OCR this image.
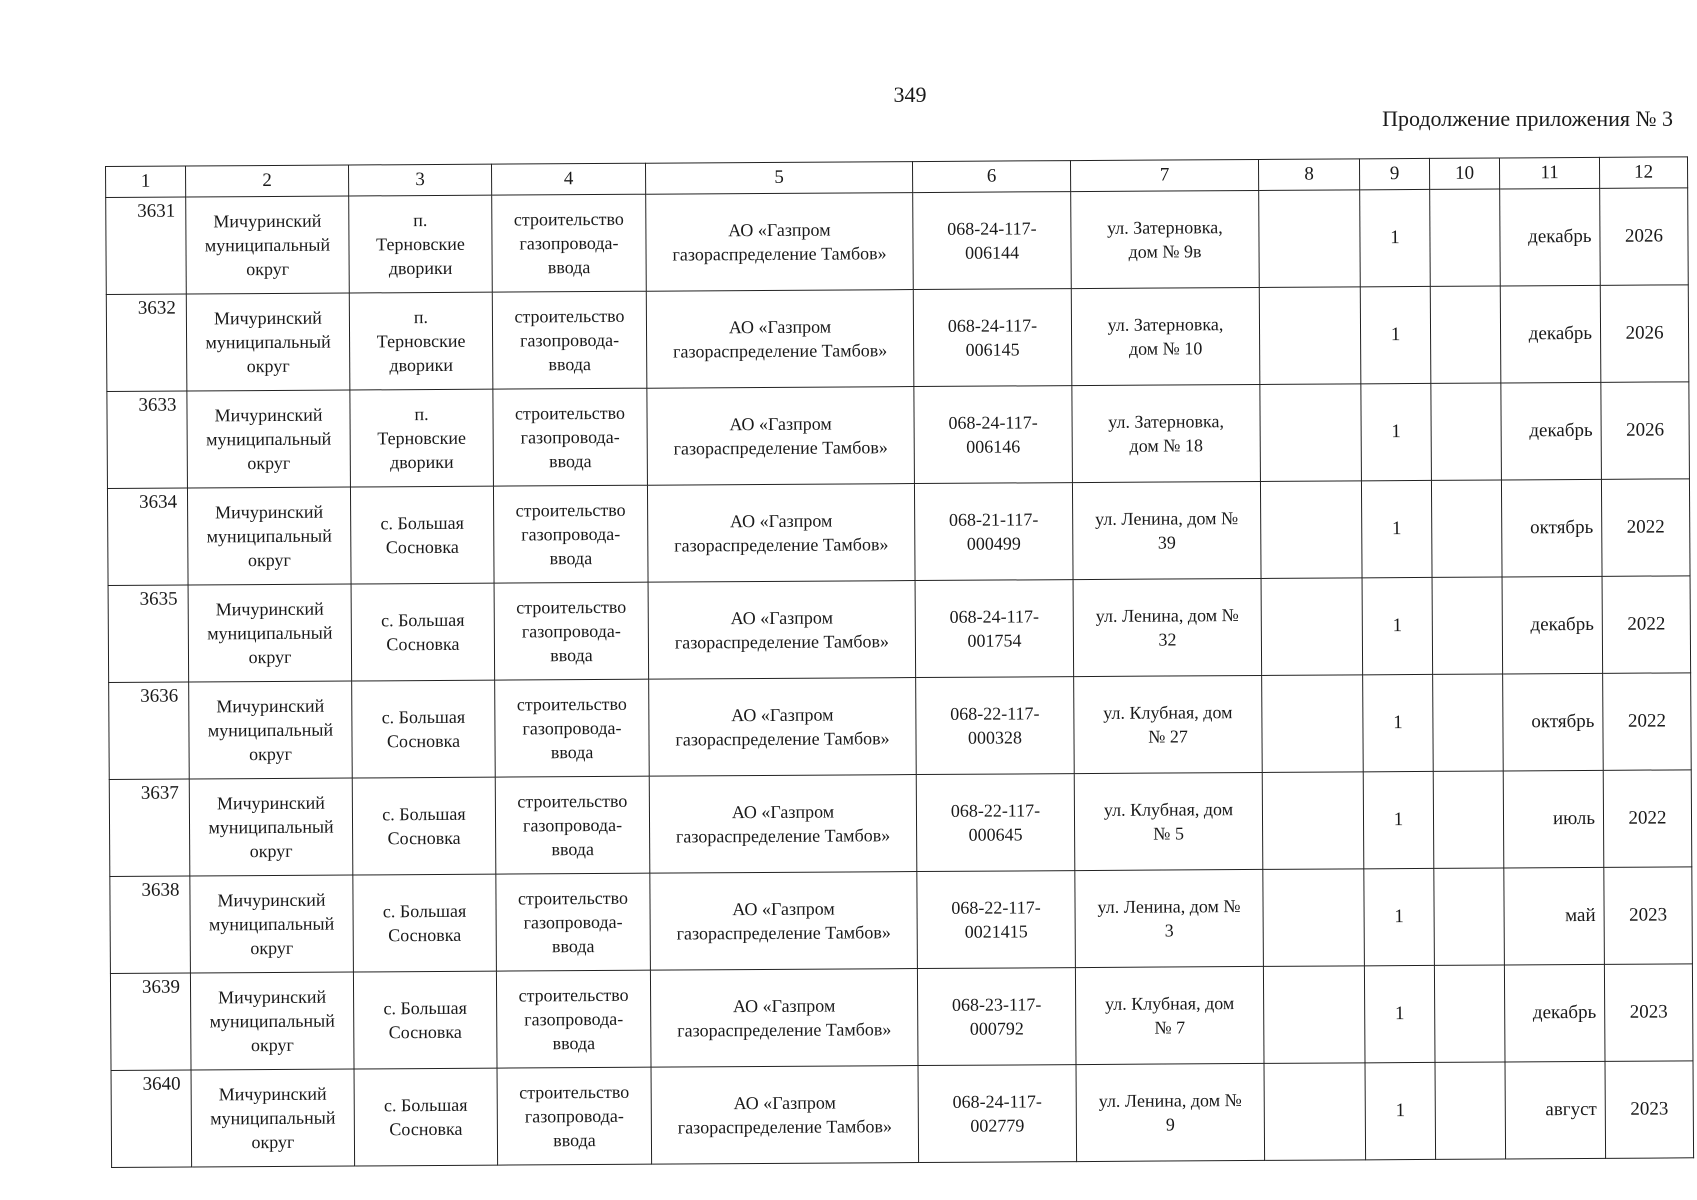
349
Продолжение приложения № 3
1	2	3	4	5	6	7	8	9	10	11	12
3631	Мичуринский
муниципальный
округ	п.
Терновские
дворики	строительство
газопровода-
ввода	АО «Газпром
газораспределение Тамбов»	068-24-117-
006144	ул. Затерновка,
дом № 9в		1		декабрь	2026
3632	Мичуринский
муниципальный
округ	п.
Терновские
дворики	строительство
газопровода-
ввода	АО «Газпром
газораспределение Тамбов»	068-24-117-
006145	ул. Затерновка,
дом № 10		1		декабрь	2026
3633	Мичуринский
муниципальный
округ	п.
Терновские
дворики	строительство
газопровода-
ввода	АО «Газпром
газораспределение Тамбов»	068-24-117-
006146	ул. Затерновка,
дом № 18		1		декабрь	2026
3634	Мичуринский
муниципальный
округ	с. Большая
Сосновка	строительство
газопровода-
ввода	АО «Газпром
газораспределение Тамбов»	068-21-117-
000499	ул. Ленина, дом №
39		1		октябрь	2022
3635	Мичуринский
муниципальный
округ	с. Большая
Сосновка	строительство
газопровода-
ввода	АО «Газпром
газораспределение Тамбов»	068-24-117-
001754	ул. Ленина, дом №
32		1		декабрь	2022
3636	Мичуринский
муниципальный
округ	с. Большая
Сосновка	строительство
газопровода-
ввода	АО «Газпром
газораспределение Тамбов»	068-22-117-
000328	ул. Клубная, дом
№ 27		1		октябрь	2022
3637	Мичуринский
муниципальный
округ	с. Большая
Сосновка	строительство
газопровода-
ввода	АО «Газпром
газораспределение Тамбов»	068-22-117-
000645	ул. Клубная, дом
№ 5		1		июль	2022
3638	Мичуринский
муниципальный
округ	с. Большая
Сосновка	строительство
газопровода-
ввода	АО «Газпром
газораспределение Тамбов»	068-22-117-
0021415	ул. Ленина, дом №
3		1		май	2023
3639	Мичуринский
муниципальный
округ	с. Большая
Сосновка	строительство
газопровода-
ввода	АО «Газпром
газораспределение Тамбов»	068-23-117-
000792	ул. Клубная, дом
№ 7		1		декабрь	2023
3640	Мичуринский
муниципальный
округ	с. Большая
Сосновка	строительство
газопровода-
ввода	АО «Газпром
газораспределение Тамбов»	068-24-117-
002779	ул. Ленина, дом №
9		1		август	2023
